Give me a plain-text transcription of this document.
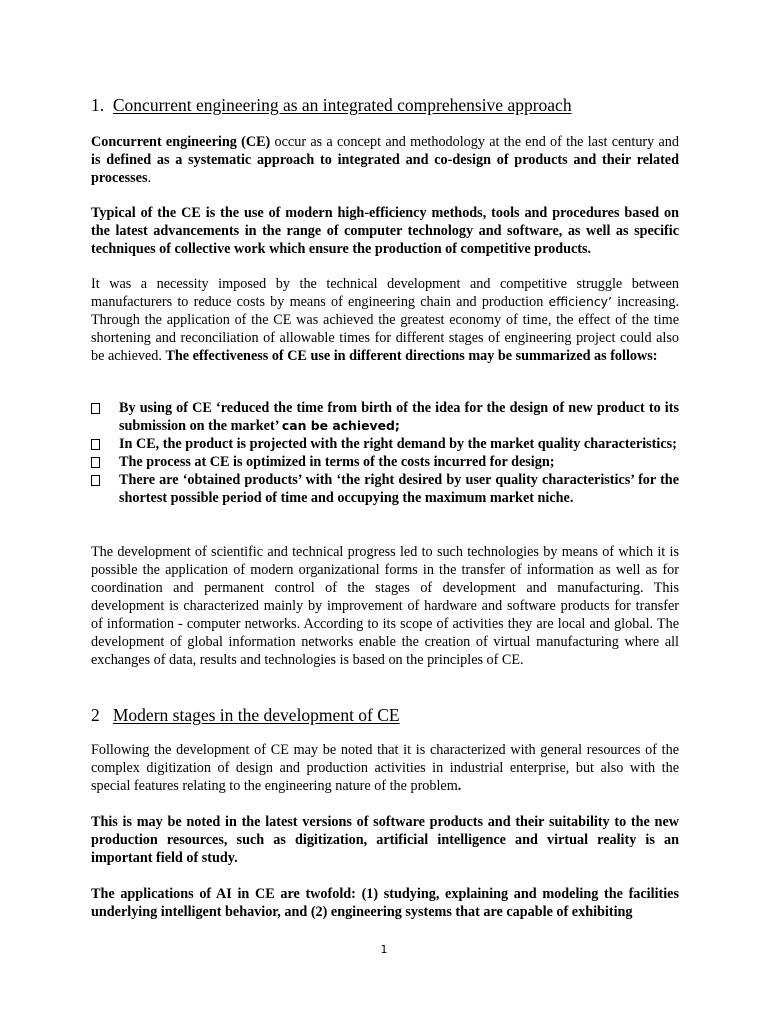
1. Concurrent engineering as an integrated comprehensive approach
Concurrent engineering (CE) occur as a concept and methodology at the end of the last century and is defined as a systematic approach to integrated and co-design of products and their related processes.
Typical of the CE is the use of modern high-efficiency methods, tools and procedures based on the latest advancements in the range of computer technology and software, as well as specific techniques of collective work which ensure the production of competitive products.
It was a necessity imposed by the technical development and competitive struggle between manufacturers to reduce costs by means of engineering chain and production efficiency’ increasing. Through the application of the CE was achieved the greatest economy of time, the effect of the time shortening and reconciliation of allowable times for different stages of engineering project could also be achieved. The effectiveness of CE use in different directions may be summarized as follows:
By using of CE ‘reduced the time from birth of the idea for the design of new product to its submission on the market’ can be achieved;
In CE, the product is projected with the right demand by the market quality characteristics;
The process at CE is optimized in terms of the costs incurred for design;
There are ‘obtained products’ with ‘the right desired by user quality characteristics’ for the shortest possible period of time and occupying the maximum market niche.
The development of scientific and technical progress led to such technologies by means of which it is possible the application of modern organizational forms in the transfer of information as well as for coordination and permanent control of the stages of development and manufacturing. This development is characterized mainly by improvement of hardware and software products for transfer of information - computer networks. According to its scope of activities they are local and global. The development of global information networks enable the creation of virtual manufacturing where all exchanges of data, results and technologies is based on the principles of CE.
2 Modern stages in the development of CE
Following the development of CE may be noted that it is characterized with general resources of the complex digitization of design and production activities in industrial enterprise, but also with the special features relating to the engineering nature of the problem.
This is may be noted in the latest versions of software products and their suitability to the new production resources, such as digitization, artificial intelligence and virtual reality is an important field of study.
The applications of AI in CE are twofold: (1) studying, explaining and modeling the facilities underlying intelligent behavior, and (2) engineering systems that are capable of exhibiting
1
